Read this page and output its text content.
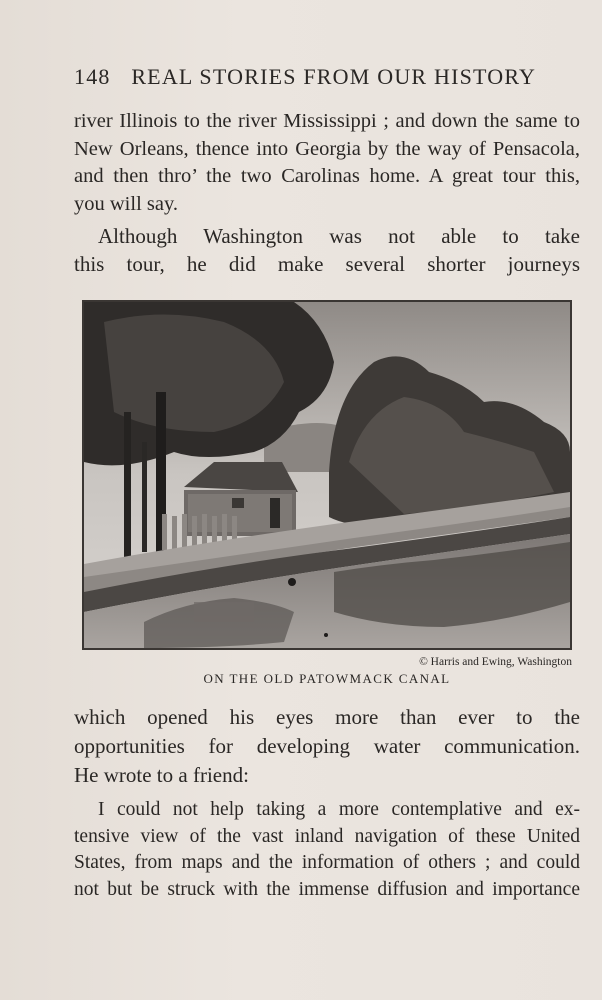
148 REAL STORIES FROM OUR HISTORY

river Illinois to the river Mississippi ; and down the same to
New Orleans, thence into Georgia by the way of Pensacola,
and then thro’ the two Carolinas home. A great tour this,
you will say.

Although Washington was not able to take
this tour, he did make several shorter journeys

© Harris and Ewing, Washington
ON THE OLD PATOWMACK CANAL

which opened his eyes more than ever to the
opportunities for developing water communication.
He wrote to a friend:

I could not help taking a more contemplative and ex-
tensive view of the vast inland navigation of these United
States, from maps and the information of others ; and could
not but be struck with the immense diffusion and importance
